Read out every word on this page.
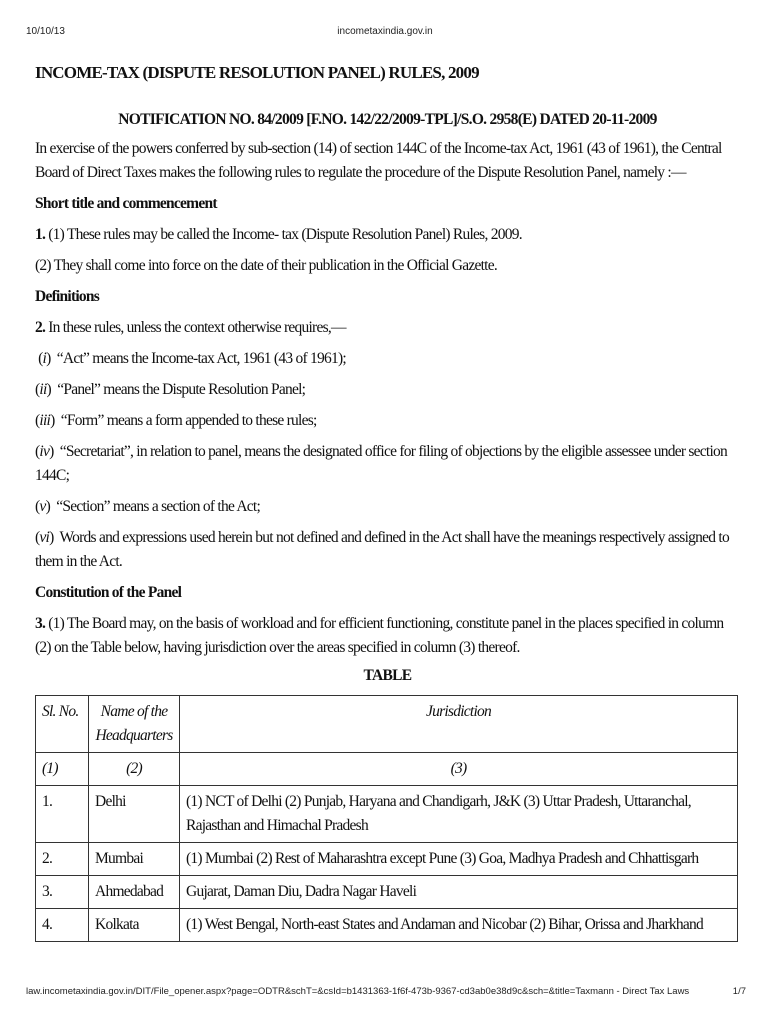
10/10/13	incometaxindia.gov.in
INCOME-TAX (DISPUTE RESOLUTION PANEL) RULES, 2009
NOTIFICATION NO. 84/2009 [F.NO. 142/22/2009-TPL]/S.O. 2958(E) DATED 20-11-2009

In exercise of the powers conferred by sub-section (14) of section 144C of the Income-tax Act, 1961 (43 of 1961), the Central Board of Direct Taxes makes the following rules to regulate the procedure of the Dispute Resolution Panel, namely :—

Short title and commencement

1. (1) These rules may be called the Income- tax (Dispute Resolution Panel) Rules, 2009.

(2) They shall come into force on the date of their publication in the Official Gazette.

Definitions

2. In these rules, unless the context otherwise requires,—

(i)  “Act” means the Income-tax Act, 1961 (43 of 1961);

(ii)  “Panel” means the Dispute Resolution Panel;

(iii)  “Form” means a form appended to these rules;

(iv)  “Secretariat”, in relation to panel, means the designated office for filing of objections by the eligible assessee under section 144C;

(v)  “Section” means a section of the Act;

(vi)  Words and expressions used herein but not defined and defined in the Act shall have the meanings respectively assigned to them in the Act.

Constitution of the Panel

3. (1) The Board may, on the basis of workload and for efficient functioning, constitute panel in the places specified in column (2) on the Table below, having jurisdiction over the areas specified in column (3) thereof.

TABLE
Sl. No.	Name of the Headquarters	Jurisdiction
(1)	(2)	(3)
1.	Delhi	(1) NCT of Delhi (2) Punjab, Haryana and Chandigarh, J&K (3) Uttar Pradesh, Uttaranchal, Rajasthan and Himachal Pradesh
2.	Mumbai	(1) Mumbai (2) Rest of Maharashtra except Pune (3) Goa, Madhya Pradesh and Chhattisgarh
3.	Ahmedabad	Gujarat, Daman Diu, Dadra Nagar Haveli
4.	Kolkata	(1) West Bengal, North-east States and Andaman and Nicobar (2) Bihar, Orissa and Jharkhand
law.incometaxindia.gov.in/DIT/File_opener.aspx?page=ODTR&schT=&csId=b1431363-1f6f-473b-9367-cd3ab0e38d9c&sch=&title=Taxmann - Direct Tax Laws	1/7
